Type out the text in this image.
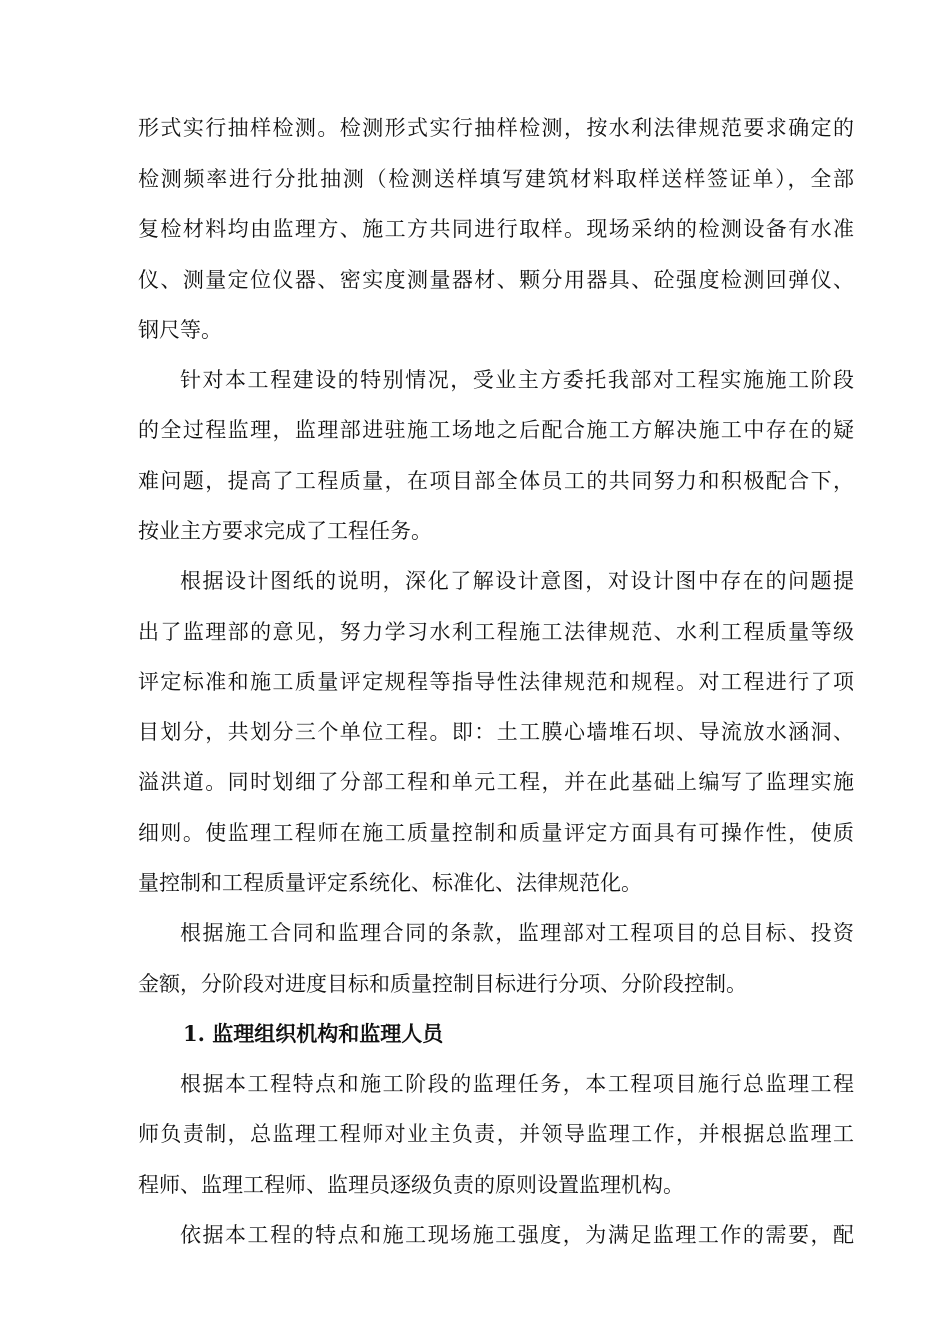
形式实行抽样检测。检测形式实行抽样检测，按水利法律规范要求确定的
检测频率进行分批抽测（检测送样填写建筑材料取样送样签证单），全部
复检材料均由监理方、施工方共同进行取样。现场采纳的检测设备有水准
仪、测量定位仪器、密实度测量器材、颗分用器具、砼强度检测回弹仪、
钢尺等。
针对本工程建设的特别情况，受业主方委托我部对工程实施施工阶段
的全过程监理，监理部进驻施工场地之后配合施工方解决施工中存在的疑
难问题，提高了工程质量，在项目部全体员工的共同努力和积极配合下，
按业主方要求完成了工程任务。
根据设计图纸的说明，深化了解设计意图，对设计图中存在的问题提
出了监理部的意见，努力学习水利工程施工法律规范、水利工程质量等级
评定标准和施工质量评定规程等指导性法律规范和规程。对工程进行了项
目划分，共划分三个单位工程。即：土工膜心墙堆石坝、导流放水涵洞、
溢洪道。同时划细了分部工程和单元工程，并在此基础上编写了监理实施
细则。使监理工程师在施工质量控制和质量评定方面具有可操作性，使质
量控制和工程质量评定系统化、标准化、法律规范化。
根据施工合同和监理合同的条款，监理部对工程项目的总目标、投资
金额，分阶段对进度目标和质量控制目标进行分项、分阶段控制。
1. 监理组织机构和监理人员
根据本工程特点和施工阶段的监理任务，本工程项目施行总监理工程
师负责制，总监理工程师对业主负责，并领导监理工作，并根据总监理工
程师、监理工程师、监理员逐级负责的原则设置监理机构。
依据本工程的特点和施工现场施工强度，为满足监理工作的需要，配
